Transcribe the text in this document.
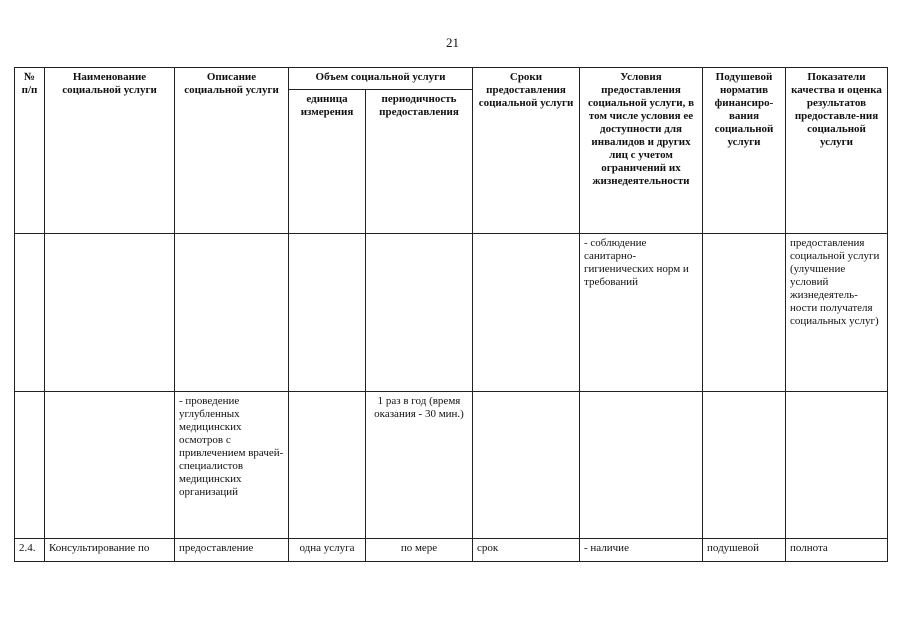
21
№ п/п	Наименование социальной услуги	Описание социальной услуги	Объем социальной услуги		Сроки предоставления социальной услуги	Условия предоставления социальной услуги, в том числе условия ее доступности для инвалидов и других лиц с учетом ограничений их жизнедеятельности	Подушевой норматив финансиро-вания социальной услуги	Показатели качества и оценка результатов предоставле-ния социальной услуги
			единица измерения	периодичность предоставления				
						- соблюдение санитарно-гигиенических норм и требований		предоставления социальной услуги (улучшение условий жизнедеятель-ности получателя социальных услуг)
		- проведение углубленных медицинских осмотров с привлечением врачей-специалистов медицинских организаций		1 раз в год (время оказания - 30 мин.)				
2.4.	Консультирование по	предоставление	одна услуга	по мере	срок	- наличие	подушевой	полнота
